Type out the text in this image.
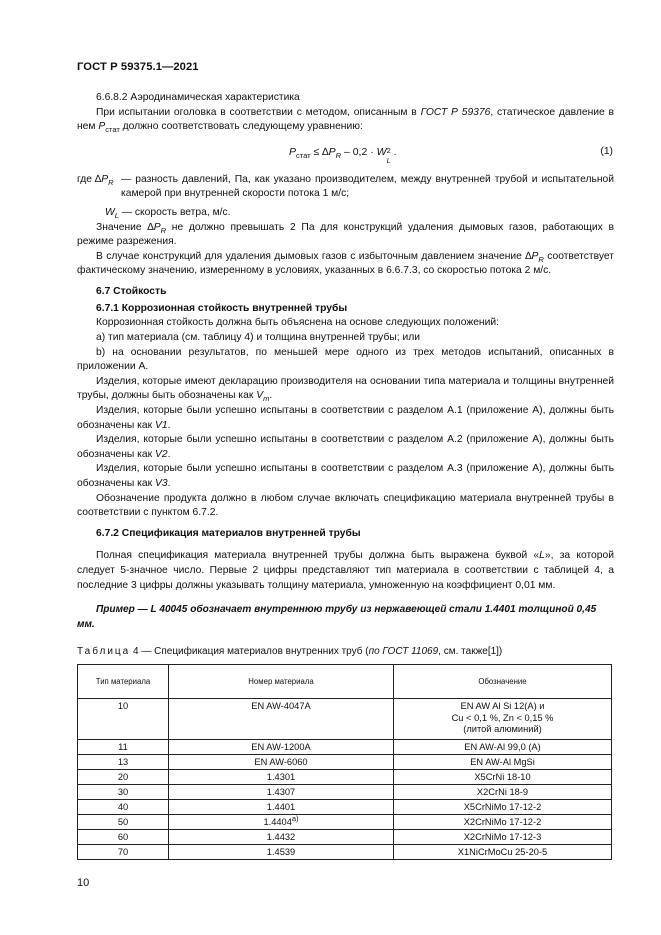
ГОСТ Р 59375.1—2021

6.6.8.2 Аэродинамическая характеристика

При испытании оголовка в соответствии с методом, описанным в ГОСТ Р 59376, статическое давление в нем $P_{стат}$ должно соответствовать следующему уравнению:

$P_{стат} \le \Delta P_R - 0,2 \cdot W$ 2
L
.	(1)
где $\Delta P_R$ — разность давлений, Па, как указано производителем, между внутренней трубой и испытательной камерой при внутренней скорости потока 1 м/с;

$W_L$ — скорость ветра, м/с.

Значение $\Delta P_R$ не должно превышать 2 Па для конструкций удаления дымовых газов, работающих в режиме разрежения.

В случае конструкций для удаления дымовых газов с избыточным давлением значение $\Delta P_R$ соответствует фактическому значению, измеренному в условиях, указанных в 6.6.7.3, со скоростью потока 2 м/с.

6.7 Стойкость

6.7.1 Коррозионная стойкость внутренней трубы

Коррозионная стойкость должна быть объяснена на основе следующих положений:

а) тип материала (см. таблицу 4) и толщина внутренней трубы; или

b) на основании результатов, по меньшей мере одного из трех методов испытаний, описанных в приложении А.

Изделия, которые имеют декларацию производителя на основании типа материала и толщины внутренней трубы, должны быть обозначены как $V_m$.

Изделия, которые были успешно испытаны в соответствии с разделом А.1 (приложение А), должны быть обозначены как V1.

Изделия, которые были успешно испытаны в соответствии с разделом А.2 (приложение А), должны быть обозначены как V2.

Изделия, которые были успешно испытаны в соответствии с разделом А.3 (приложение А), должны быть обозначены как V3.

Обозначение продукта должно в любом случае включать спецификацию материала внутренней трубы в соответствии с пунктом 6.7.2.

6.7.2 Спецификация материалов внутренней трубы

Полная спецификация материала внутренней трубы должна быть выражена буквой «L», за которой следует 5-значное число. Первые 2 цифры представляют тип материала в соответствии с таблицей 4, а последние 3 цифры должны указывать толщину материала, умноженную на коэффициент 0,01 мм.

Пример — L 40045 обозначает внутреннюю трубу из нержавеющей стали 1.4401 толщиной 0,45 мм.

Таблица 4 — Спецификация материалов внутренних труб (по ГОСТ 11069, см. также[1])

Тип материала	Номер материала	Обозначение
10	EN AW-4047A	EN AW Al Si 12(A) и
Cu < 0,1 %, Zn < 0,15 %
(литой алюминий)

11	EN AW-1200A	EN AW-Al 99,0 (A)
13	EN AW-6060	EN AW-Al MgSi
20	1.4301	X5CrNi 18-10
30	1.4307	X2CrNi 18-9
40	1.4401	X5CrNiMo 17-12-2
50	1.4404$^{a)}$	X2CrNiMo 17-12-2
60	1.4432	X2CrNiMo 17-12-3
70	1.4539	X1NiCrMoCu 25-20-5
10
